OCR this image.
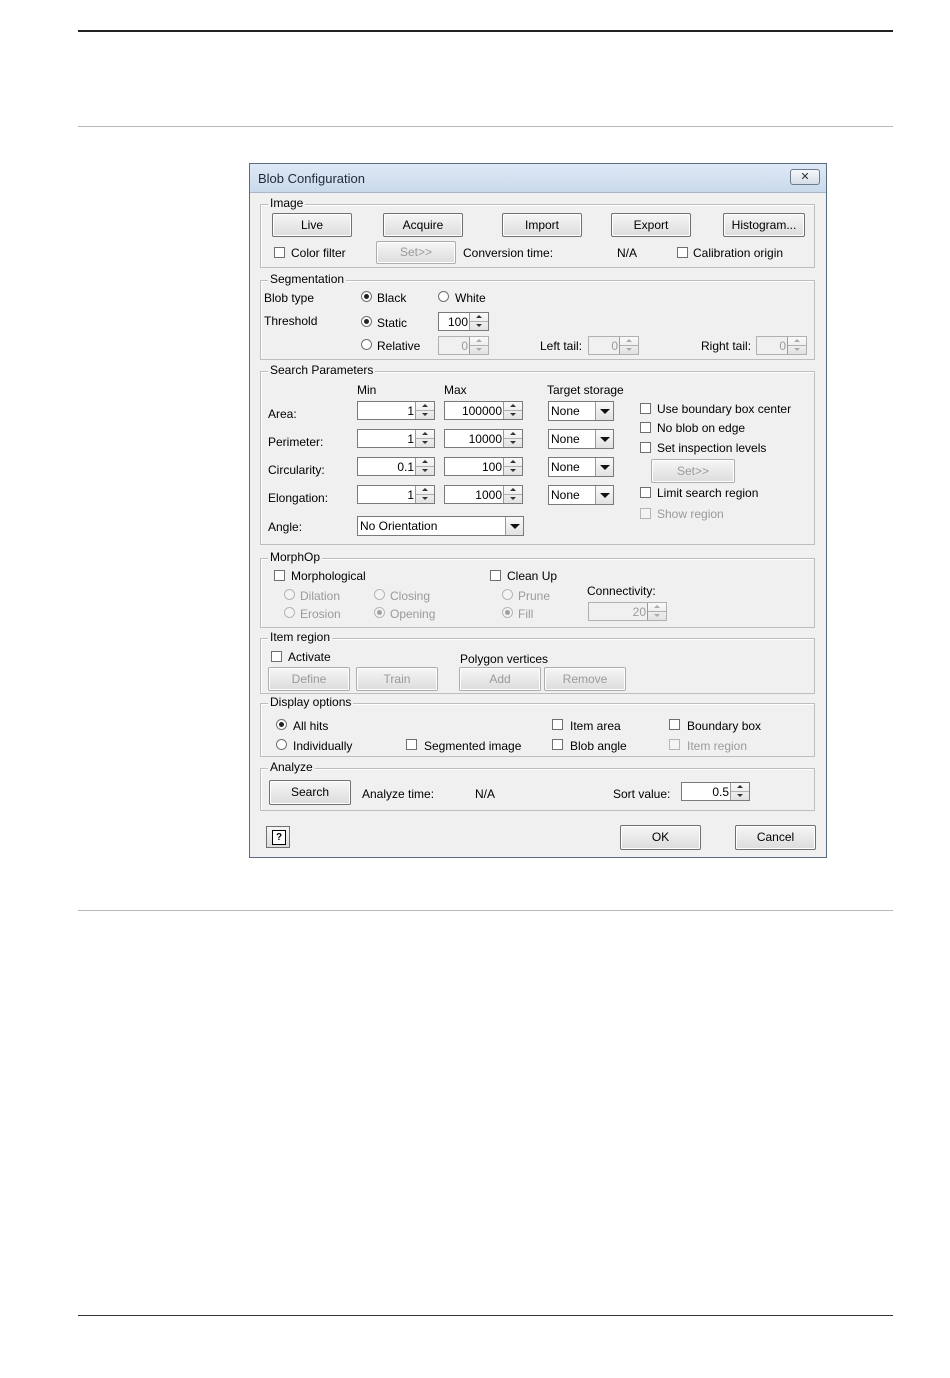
Blob Configuration	✕
Image
Live	Acquire	Import	Export	Histogram...
Color filter	Set>>	Conversion time:	N/A	Calibration origin
Segmentation
Blob type	Black	White
Threshold	Static	100
Relative	0	Left tail:	0	Right tail:	0
Search Parameters
Min	Max	Target storage
Area:	1	100000	None
Perimeter:	1	10000	None
Circularity:	0.1	100	None
Elongation:	1	1000	None
Angle:	No Orientation
Use boundary box center
No blob on edge
Set inspection levels
Set>>
Limit search region
Show region
MorphOp
Morphological
Dilation	Closing
Erosion	Opening
Clean Up
Prune
Fill
Connectivity:
20
Item region
Activate
Define	Train
Polygon vertices
Add	Remove
Display options
All hits
Individually	Segmented image
Item area
Blob angle
Boundary box
Item region
Analyze
Search	Analyze time:	N/A	Sort value:	0.5
?	OK	Cancel
